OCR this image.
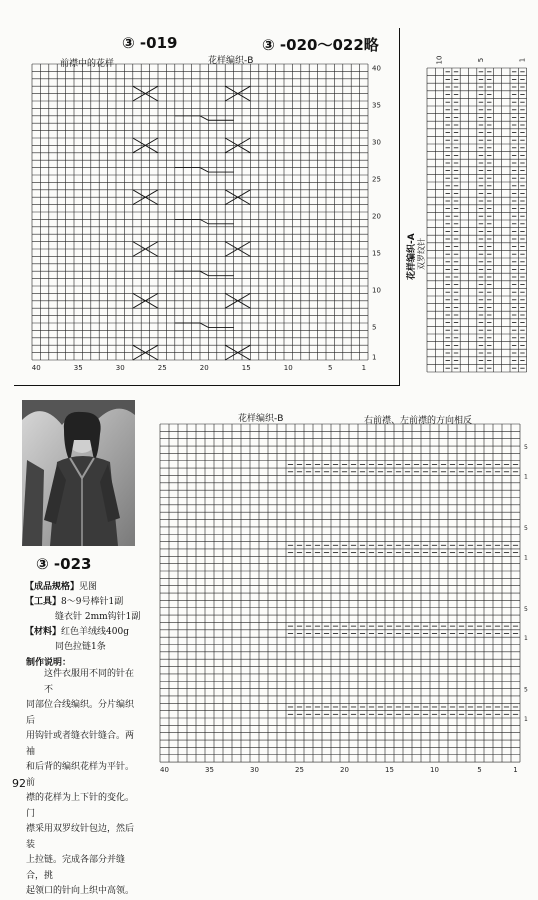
③ -019	③ -020～022略
前襟中的花样	花样编织-B
40
35
30
25
20
15
10
5
1
40	35	30	25	20	15	10	5	1
花样编织-A 双罗纹针
10	5	1
③ -023
【成品规格】见图
【工具】8～9号棒针1副
缝衣针 2mm钩针1副
【材料】红色羊绒线400g
同色拉链1条
制作说明：
这件衣服用不同的针在不
同部位合线编织。分片编织后
用钩针或者缝衣针缝合。两袖
和后背的编织花样为平针。前
襟的花样为上下针的变化。门
襟采用双罗纹针包边，然后装
上拉链。完成各部分并缝合，挑
起领口的针向上织中高领。
花样编织-B	右前襟、左前襟的方向相反
5
1
5
1
5
1
5
1
40	35	30	25	20	15	10	5	1
92
